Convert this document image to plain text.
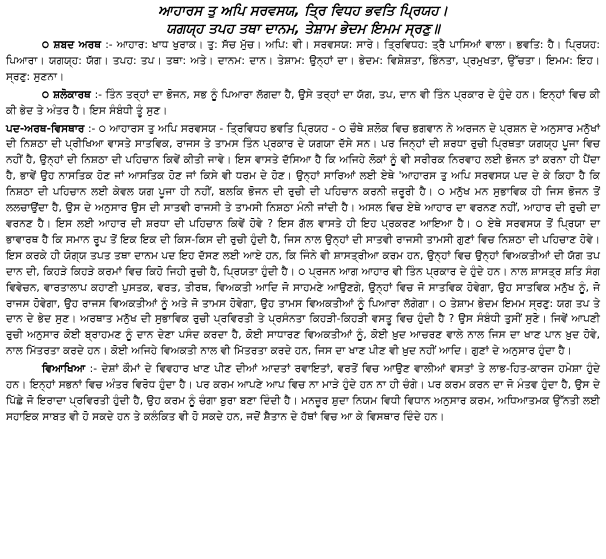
ਆਹਾਰਸ ਤੁ ਅਪਿ ਸਰਵਸਯ, ਤ੍ਰਿ ਵਿਧਹ ਭਵਤਿ ਪ੍ਰਿਯਹ।
ਯਗਯ੍ਹ ਤਪਹ ਤਥਾ ਦਾਨਮ, ਤੇਸ਼ਾਮ ਭੇਦਮ ਇਮਮ ਸ੍ਰਣੁ॥

੦ ਸ਼ਬਦ ਅਰਥ :- ਆਹਾਰ: ਖਾਧ ਖੁਰਾਕ। ਤੁ: ਸੱਚ ਮੁੱਚ। ਅਪਿ: ਵੀ। ਸਰਵਸਯ: ਸਾਰੇ। ਤ੍ਰਿਵਿਧਹ: ਤ੍ਰੈ ਪਾਸਿਆਂ ਵਾਲਾ। ਭਵਤਿ: ਹੈ। ਪ੍ਰਿਯਹ: ਪਿਆਰਾ। ਯਗਯ੍ਹ: ਯੱਗ। ਤਪਹ: ਤਪ। ਤਥਾ: ਅਤੇ। ਦਾਨਮ: ਦਾਨ। ਤੇਸ਼ਾਮ: ਉਨ੍ਹਾਂ ਦਾ। ਭੇਦਮ: ਵਿਸ਼ੇਸ਼ਤਾ, ਭਿੰਨਤਾ, ਪ੍ਰਮੁਖਤਾ, ਉੱਚਤਾ। ਇਮਮ: ਇਹ। ਸ੍ਰਣੁ: ਸੁਣਨਾ।

੦ ਸ਼ਲੋਕਾਰਥ :- ਤਿੰਨ ਤਰ੍ਹਾਂ ਦਾ ਭੋਜਨ, ਸਭ ਨੂੰ ਪਿਆਰਾ ਲੱਗਦਾ ਹੈ, ਉਸੇ ਤਰ੍ਹਾਂ ਦਾ ਯੱਗ, ਤਪ, ਦਾਨ ਵੀ ਤਿੰਨ ਪ੍ਰਕਾਰ ਦੇ ਹੁੰਦੇ ਹਨ। ਇਨ੍ਹਾਂ ਵਿਚ ਕੀ ਕੀ ਭੇਦ ਤੇ ਅੰਤਰ ਹੈ। ਇਸ ਸੰਬੰਧੀ ਤੂੰ ਸੁਣ।

ਪਦ-ਅਰਥ-ਵਿਸਥਾਰ :- ੦ ਆਹਾਰਸ ਤੁ ਅਪਿ ਸਰਵਸਯ - ਤ੍ਰਿਵਿਧਹ ਭਵਤਿ ਪ੍ਰਿਯਹ - ੦ ਚੌਥੇ ਸ਼ਲੋਕ ਵਿਚ ਭਗਵਾਨ ਨੇ ਅਰਜਨ ਦੇ ਪ੍ਰਸ਼ਨ ਦੇ ਅਨੁਸਾਰ ਮਨੁੱਖਾਂ ਦੀ ਨਿਸ਼ਠਾ ਦੀ ਪ੍ਰੀਖਿਆ ਵਾਸਤੇ ਸਾਤਵਿਕ, ਰਾਜਸ ਤੇ ਤਾਮਸ ਤਿੰਨ ਪ੍ਰਕਾਰ ਦੇ ਯਗਯਾ ਦੱਸੇ ਸਨ। ਪਰ ਜਿਨ੍ਹਾਂ ਦੀ ਸ਼ਰਧਾ ਰੁਚੀ ਪ੍ਰਿਥਤਾ ਯਗਯ੍ਹ ਪੂਜਾ ਵਿਚ ਨਹੀਂ ਹੈ, ਉਨ੍ਹਾਂ ਦੀ ਨਿਸ਼ਠਾ ਦੀ ਪਹਿਚਾਨ ਕਿਵੇਂ ਕੀਤੀ ਜਾਵੇ। ਇਸ ਵਾਸਤੇ ਦੱਸਿਆ ਹੈ ਕਿ ਅਜਿਹੇ ਲੋਕਾਂ ਨੂੰ ਵੀ ਸਰੀਰਕ ਨਿਰਵਾਹ ਲਈ ਭੋਜਨ ਤਾਂ ਕਰਨਾ ਹੀ ਪੈਂਦਾ ਹੈ, ਭਾਵੇਂ ਉਹ ਨਾਸਤਿਕ ਹੋਣ ਜਾਂ ਆਸਤਿਕ ਹੋਣ ਜਾਂ ਕਿਸੇ ਵੀ ਧਰਮ ਦੇ ਹੋਣ। ਉਨ੍ਹਾਂ ਸਾਰਿਆਂ ਲਈ ਏਥੇ 'ਆਹਾਰਸ ਤੁ ਅਪਿ ਸਰਵਸਯ ਪਦ ਦੇ ਕੇ ਕਿਹਾ ਹੈ ਕਿ ਨਿਸ਼ਠਾ ਦੀ ਪਹਿਚਾਨ ਲਈ ਕੇਵਲ ਯਗ ਪੂਜਾ ਹੀ ਨਹੀਂ, ਬਲਕਿ ਭੋਜਨ ਦੀ ਰੁਚੀ ਦੀ ਪਹਿਚਾਨ ਕਰਨੀ ਜ਼ਰੂਰੀ ਹੈ। ੦ ਮਨੁੱਖ ਮਨ ਸੁਭਾਵਿਕ ਹੀ ਜਿਸ ਭੋਜਨ ਤੋਂ ਲਲਚਾਉਂਦਾ ਹੈ, ਉਸ ਦੇ ਅਨੁਸਾਰ ਉਸ ਦੀ ਸਾਤਵੀ ਰਾਜਸੀ ਤੇ ਤਾਮਸੀ ਨਿਸ਼ਠਾ ਮੰਨੀ ਜਾਂਦੀ ਹੈ। ਅਸਲ ਵਿਚ ਏਥੇ ਆਹਾਰ ਦਾ ਵਰਨਣ ਨਹੀਂ, ਆਹਾਰ ਦੀ ਰੁਚੀ ਦਾ ਵਰਨਣ ਹੈ। ਇਸ ਲਈ ਆਹਾਰ ਦੀ ਸ਼ਰਧਾ ਦੀ ਪਹਿਚਾਨ ਕਿਵੇਂ ਹੋਵੇ ? ਇਸ ਗੱਲ ਵਾਸਤੇ ਹੀ ਇਹ ਪ੍ਰਕਰਣ ਆਇਆ ਹੈ। ੦ ਏਥੇ ਸਰਵਸਯ ਤੋਂ ਪ੍ਰਿਯਾ ਦਾ ਭਾਵਾਰਥ ਹੈ ਕਿ ਸਮਾਨ ਰੂਪ ਤੋਂ ਇਕ ਇਕ ਦੀ ਕਿਸ-ਕਿਸ ਦੀ ਰੁਚੀ ਹੁੰਦੀ ਹੈ, ਜਿਸ ਨਾਲ ਉਨ੍ਹਾਂ ਦੀ ਸਾਤਵੀ ਰਾਜਸੀ ਤਾਮਸੀ ਗੁਣਾਂ ਵਿਚ ਨਿਸ਼ਠਾ ਦੀ ਪਹਿਚਾਣ ਹੋਵੇ। ਇਸ ਕਰਕੇ ਹੀ ਯੋਗ੍ਯ ਤਪਤ ਤਥਾ ਦਾਨਮ ਪਦ ਇਹ ਦੱਸਣ ਲਈ ਆਏ ਹਨ, ਕਿ ਜਿੰਨੇ ਵੀ ਸ਼ਾਸਤ੍ਰੀਆ ਕਰਮ ਹਨ, ਉਨ੍ਹਾਂ ਵਿਚ ਉਨ੍ਹਾਂ ਵਿਅਕਤੀਆਂ ਦੀ ਯੱਗ ਤਪ ਦਾਨ ਦੀ, ਕਿਹੜੇ ਕਿਹੜੇ ਕਰਮਾਂ ਵਿਚ ਕਿਹੋ ਜਿਹੀ ਰੁਚੀ ਹੈ, ਪ੍ਰਿਯਤਾ ਹੁੰਦੀ ਹੈ। ੦ ਪ੍ਰਜਨ ਆਗ ਆਹਾਰ ਵੀ ਤਿੰਨ ਪ੍ਰਕਾਰ ਦੇ ਹੁੰਦੇ ਹਨ। ਨਾਲ ਸ਼ਾਸਤ੍ਰ ਸ਼ਤਿ ਸੰਗ ਵਿਵੇਚਨ, ਵਾਰਤਾਲਾਪ ਕਹਾਣੀ ਪੁਸਤਕ, ਵਰਤ, ਤੀਰਥ, ਵਿਅਕਤੀ ਆਦਿ ਜੋ ਸਾਹਮਣੇ ਆਉਣਗੇ, ਉਨ੍ਹਾਂ ਵਿਚ ਜੋ ਸਾਤਵਿਕ ਹੋਵੇਗਾ, ਉਹ ਸਾਤਵਿਕ ਮਨੁੱਖ ਨੂੰ, ਜੋ ਰਾਜਸ ਹੋਵੇਗਾ, ਉਹ ਰਾਜਸ ਵਿਅਕਤੀਆਂ ਨੂੰ ਅਤੇ ਜੋ ਤਾਮਸ ਹੋਵੇਗਾ, ਉਹ ਤਾਮਸ ਵਿਅਕਤੀਆਂ ਨੂੰ ਪਿਆਰਾ ਲੱਗੇਗਾ। ੦ ਤੇਸ਼ਾਮ ਭੇਦਮ ਇਮਮ ਸ੍ਰਣੁ: ਯਗ ਤਪ ਤੇ ਦਾਨ ਦੇ ਭੇਦ ਸੁਣ। ਅਰਥਾਤ ਮਨੁੱਖ ਦੀ ਸੁਭਾਵਿਕ ਰੁਚੀ ਪ੍ਰਵਿਰਤੀ ਤੇ ਪ੍ਰਸੰਨਤਾ ਕਿਹੜੀ-ਕਿਹੜੀ ਵਸਤੂ ਵਿਚ ਹੁੰਦੀ ਹੈ ? ਉਸ ਸੰਬੰਧੀ ਤੁਸੀਂ ਸੁਣੋ। ਜਿਵੇਂ ਆਪਣੀ ਰੁਚੀ ਅਨੁਸਾਰ ਕੋਈ ਬ੍ਰਾਹਮਣ ਨੂੰ ਦਾਨ ਦੇਣਾ ਪਸੰਦ ਕਰਦਾ ਹੈ, ਕੋਈ ਸਾਧਾਰਣ ਵਿਅਕਤੀਆਂ ਨੂੰ, ਕੋਈ ਖ਼ੁਦ ਆਚਰਣ ਵਾਲੇ ਨਾਲ ਜਿਸ ਦਾ ਖਾਣ ਪਾਨ ਖ਼ੁਦ ਹੋਵੇ, ਨਾਲ ਮਿੱਤਰਤਾ ਕਰਦੇ ਹਨ। ਕੋਈ ਅਜਿਹੇ ਵਿਅਕਤੀ ਨਾਲ ਵੀ ਮਿੱਤਰਤਾ ਕਰਦੇ ਹਨ, ਜਿਸ ਦਾ ਖਾਣ ਪੀਣ ਵੀ ਖ਼ੁਦ ਨਹੀਂ ਆਦਿ। ਗੁਣਾਂ ਦੇ ਅਨੁਸਾਰ ਹੁੰਦਾ ਹੈ।

ਵਿਆਖਿਆ :- ਦੇਸ਼ਾਂ ਕੌਮਾਂ ਦੇ ਵਿਵਹਾਰ ਖਾਣ ਪੀਣ ਦੀਆਂ ਆਦਤਾਂ ਰਵਾਇਤਾਂ, ਵਰਤੋਂ ਵਿਚ ਆਉਣ ਵਾਲੀਆਂ ਵਸਤਾਂ ਤੇ ਲਾਭ-ਹਿਤ-ਕਾਰਜ ਹਮੇਸ਼ਾ ਹੁੰਦੇ ਹਨ। ਇਨ੍ਹਾਂ ਸਭਨਾਂ ਵਿਚ ਅੰਤਰ ਵਿਰੋਧ ਹੁੰਦਾ ਹੈ। ਪਰ ਕਰਮ ਆਪਣੇ ਆਪ ਵਿਚ ਨਾ ਮਾੜੇ ਹੁੰਦੇ ਹਨ ਨਾ ਹੀ ਚੰਗੇ। ਪਰ ਕਰਮ ਕਰਨ ਦਾ ਜੋ ਮੰਤਵ ਹੁੰਦਾ ਹੈ, ਉਸ ਦੇ ਪਿੱਛੇ ਜੋ ਇਰਾਦਾ ਪ੍ਰਵਿਰਤੀ ਹੁੰਦੀ ਹੈ, ਉਹ ਕਰਮ ਨੂੰ ਚੰਗਾ ਬੁਰਾ ਬਣਾ ਦਿੰਦੀ ਹੈ। ਮਨਜ਼ੂਰ ਸ਼ੁਦਾ ਨਿਯਮ ਵਿਧੀ ਵਿਧਾਨ ਅਨੁਸਾਰ ਕਰਮ, ਅਧਿਆਤਮਕ ਉੱਨਤੀ ਲਈ ਸਹਾਇਕ ਸਾਬਤ ਵੀ ਹੋ ਸਕਦੇ ਹਨ ਤੇ ਕਲੰਕਿਤ ਵੀ ਹੋ ਸਕਦੇ ਹਨ, ਜਦੋਂ ਸ਼ੈਤਾਨ ਦੇ ਹੱਥਾਂ ਵਿਚ ਆ ਕੇ ਵਿਸਥਾਰ ਦਿੰਦੇ ਹਨ।
